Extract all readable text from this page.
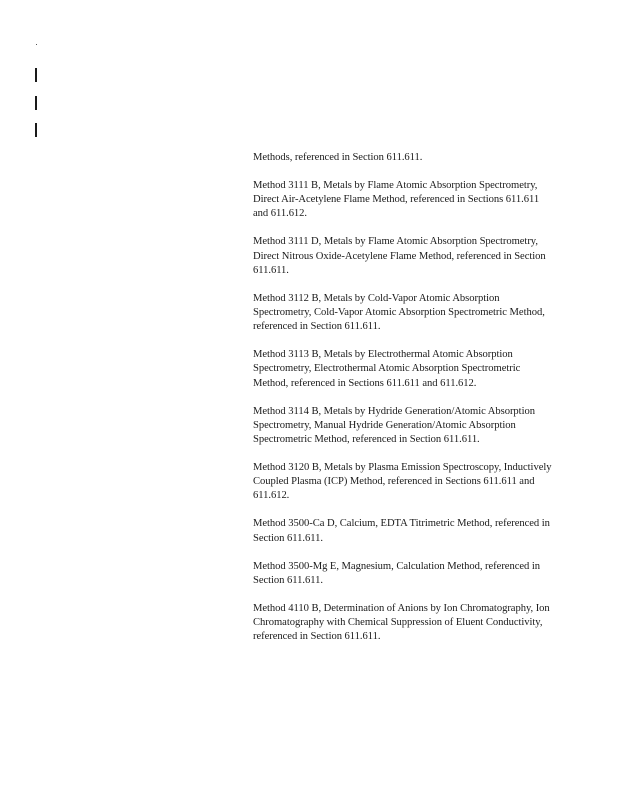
Methods, referenced in Section 611.611.

Method 3111 B, Metals by Flame Atomic Absorption Spectrometry, Direct Air-Acetylene Flame Method, referenced in Sections 611.611 and 611.612.

Method 3111 D, Metals by Flame Atomic Absorption Spectrometry, Direct Nitrous Oxide-Acetylene Flame Method, referenced in Section 611.611.

Method 3112 B, Metals by Cold-Vapor Atomic Absorption Spectrometry, Cold-Vapor Atomic Absorption Spectrometric Method, referenced in Section 611.611.

Method 3113 B, Metals by Electrothermal Atomic Absorption Spectrometry, Electrothermal Atomic Absorption Spectrometric Method, referenced in Sections 611.611 and 611.612.

Method 3114 B, Metals by Hydride Generation/Atomic Absorption Spectrometry, Manual Hydride Generation/Atomic Absorption Spectrometric Method, referenced in Section 611.611.

Method 3120 B, Metals by Plasma Emission Spectroscopy, Inductively Coupled Plasma (ICP) Method, referenced in Sections 611.611 and 611.612.

Method 3500-Ca D, Calcium, EDTA Titrimetric Method, referenced in Section 611.611.

Method 3500-Mg E, Magnesium, Calculation Method, referenced in Section 611.611.

Method 4110 B, Determination of Anions by Ion Chromatography, Ion Chromatography with Chemical Suppression of Eluent Conductivity, referenced in Section 611.611.
